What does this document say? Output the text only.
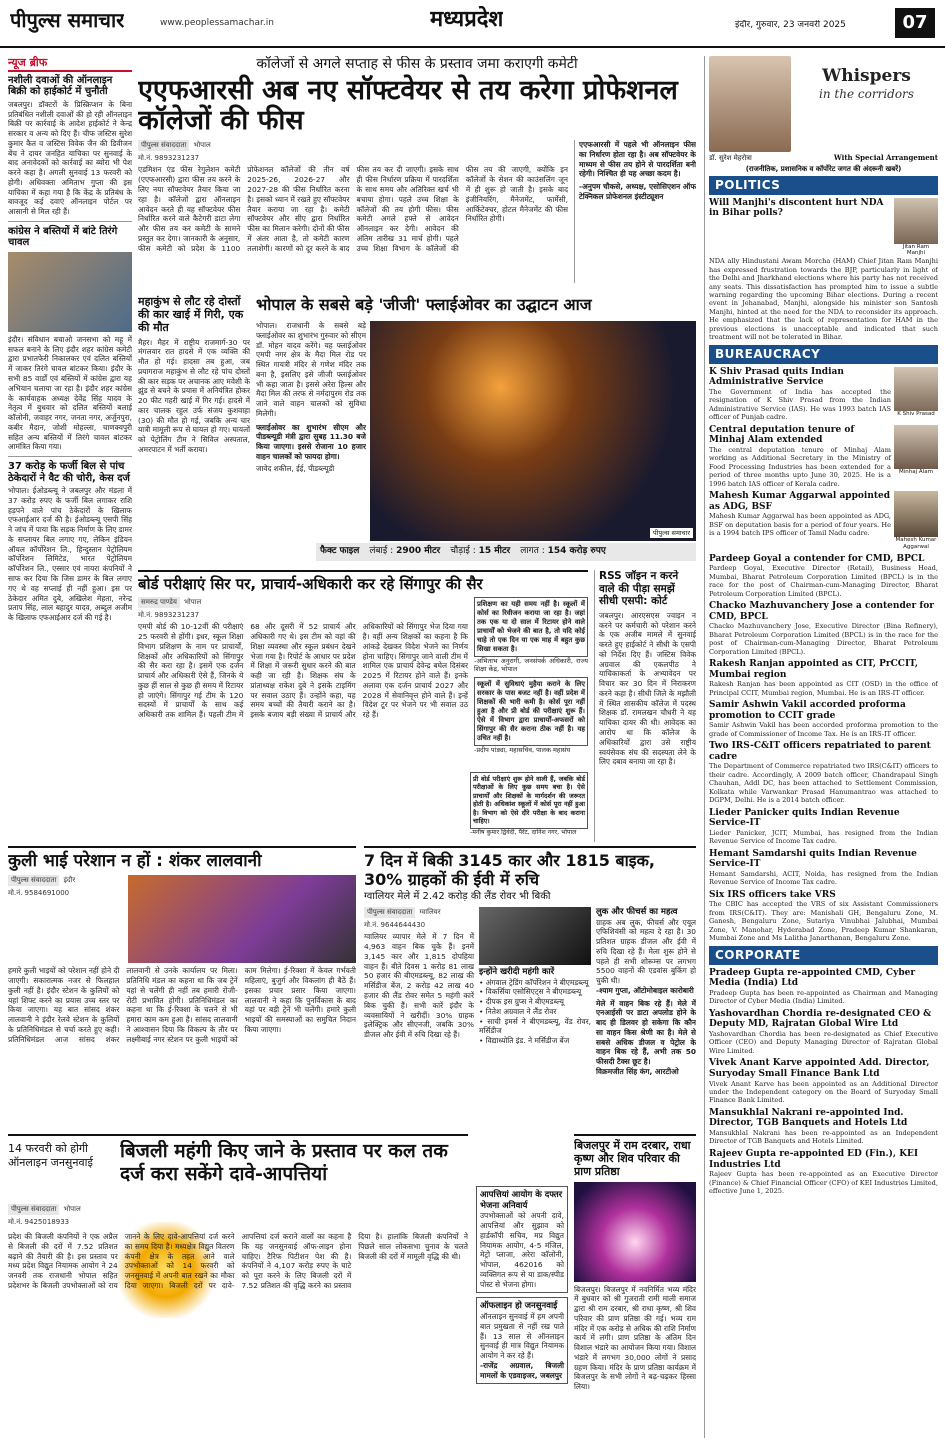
पीपुल्स समाचार	www.peoplessamachar.in	मध्यप्रदेश	इंदौर, गुरुवार, 23 जनवरी 2025	07
न्यूज ब्रीफ
नशीली दवाओं की ऑनलाइन बिक्री को हाईकोर्ट में चुनौती
जबलपुर। डॉक्टरों के प्रिस्क्रिप्शन के बिना प्रतिबंधित नशीली दवाओं की हो रही ऑनलाइन बिक्री पर कार्रवाई के आदेश हाईकोर्ट ने केन्द्र सरकार व अन्य को दिए हैं। चीफ जस्टिस सुरेश कुमार कैत व जस्टिस विवेक जैन की डिवीजन बेंच ने दायर जनहित याचिका पर सुनवाई के बाद अनावेदकों को कार्रवाई का ब्योरा भी पेश करने कहा है। अगली सुनवाई 13 फरवरी को होगी। अधिवक्ता अमिताभ गुप्ता की इस याचिका में कहा गया है कि केंद्र के प्रतिबंध के बावजूद कई दवाएं ऑनलाइन पोर्टल पर आसानी से मिल रही हैं।
कांग्रेस ने बस्तियों में बांटे तिरंगे चावल
इंदौर। संविधान बचाओ जनसभा को महू में सफल बनाने के लिए इंदौर शहर कांग्रेस कमेटी द्वारा प्रभातफेरी निकालकर एवं दलित बस्तियों में जाकर तिरंगे चावल बांटकर किया। इंदौर के सभी 85 वार्डों एवं बस्तियों में कांग्रेस द्वारा यह अभियान चलाया जा रहा है। इंदौर शहर कांग्रेस के कार्यवाहक अध्यक्ष देवेंद्र सिंह यादव के नेतृत्व में बुधवार को दलित बस्तियों बलाई कॉलोनी, जवाहर नगर, जनता नगर, अर्जुनपुरा, कबीर मैदान, जोशी मोहल्ला, चाणक्यपुरी सहित अन्य बस्तियों में तिरंगे चावल बांटकर आमंत्रित किया गया।
37 करोड़ के फर्जी बिल से पांच ठेकेदारों ने वैट की चोरी, केस दर्ज
भोपाल। ईओडब्ल्यू ने जबलपुर और मंडला में 37 करोड़ रुपए के फर्जी बिल लगाकर राशि हड़पने वाले पांच ठेकेदारों के खिलाफ एफआईआर दर्ज की है। ईओडब्ल्यू एसपी सिंह ने जांच में पाया कि सड़क निर्माण के लिए डामर के सप्लायर बिल लगाए गए, लेकिन इंडियन ऑयल कॉर्पोरेशन लि., हिन्दुस्तान पेट्रोलियम कॉर्पोरेशन लिमिटेड, भारत पेट्रोलियम कॉर्पोरेशन लि., एस्सार एवं नायरा कंपनियों ने साफ कर दिया कि जिस डामर के बिल लगाए गए थे वह सप्लाई ही नहीं हुआ। इस पर ठेकेदार अमित दुबे, अखिलेश मेहता, नरेन्द्र प्रताप सिंह, लाल बहादुर यादव, अब्दुल अजीम के खिलाफ एफआईआर दर्ज की गई है।
कॉलेजों से अगले सप्ताह से फीस के प्रस्ताव जमा कराएगी कमेटी
एएफआरसी अब नए सॉफ्टवेयर से तय करेगा प्रोफेशनल कॉलेजों की फीस
पीपुल्स संवाददाता	भोपाल
मो.नं. 9893231237
एडमिशन एंड फीस रेगुलेशन कमेटी (एएफआरसी) द्वारा फीस तय करने के लिए नया सॉफ्टवेयर तैयार किया जा रहा है। कॉलेजों द्वारा ऑनलाइन आवेदन करते ही यह सॉफ्टवेयर फीस निर्धारित करने वाले कैटेगरी डाटा लेगा और फीस तय कर कमेटी के सामने प्रस्तुत कर देगा। जानकारी के अनुसार, फीस कमेटी को प्रदेश के 1100 प्रोफेशनल कॉलेजों की तीन वर्ष 2025-26, 2026-27 और 2027-28 की फीस निर्धारित करना है। इसको ध्यान में रखते हुए सॉफ्टवेयर तैयार कराया जा रहा है। कमेटी सॉफ्टवेयर और सीए द्वारा निर्धारित फीस का मिलान करेगी। दोनों की फीस में अंतर आता है, तो कमेटी कारण तलाशेगी। कारणों को दूर करने के बाद फीस तय कर दी जाएगी। इसके साथ ही फीस निर्धारण प्रक्रिया में पारदर्शिता के साथ समय और अतिरिक्त खर्च भी बचाया होगा। पहले उच्च शिक्षा के कॉलेजों की तय होगी फीस। फीस कमेटी अगले हफ्ते से आवेदन ऑनलाइन कर देगी। आवेदन की अंतिम तारीख 31 मार्च होगी। पहले उच्च शिक्षा विभाग के कॉलेजों की फीस तय की जाएगी, क्योंकि इन कॉलेजों के सेशन की काउंसलिंग जून में ही शुरू हो जाती है। इसके बाद इंजीनियरिंग, मैनेजमेंट, फार्मेसी, आर्किटेक्चर, होटल मैनेजमेंट की फीस निर्धारित होगी।
एएफआरसी में पहले भी ऑनलाइन फीस का निर्धारण होता रहा है। अब सॉफ्टवेयर के माध्यम से फीस तय होने से पारदर्शिता बनी रहेगी। निश्चित ही यह अच्छा कदम है।
-अनुपम चौकसे, अध्यक्ष, एसोसिएशन ऑफ टेक्निकल प्रोफेशनल इंस्टीट्यूशन
महाकुंभ से लौट रहे दोस्तों की कार खाई में गिरी, एक की मौत
मैहर। मैहर में राष्ट्रीय राजमार्ग-30 पर मंगलवार रात हादसे में एक व्यक्ति की मौत हो गई। हादसा तब हुआ, जब प्रयागराज महाकुंभ से लौट रहे पांच दोस्तों की कार सड़क पर अचानक आए मवेशी के झुंड से बचने के प्रयास में अनियंत्रित होकर 20 फीट गहरी खाई में गिर गई। हादसे में कार चालक रहुल उर्फ संजय कुशवाहा (30) की मौत हो गई, जबकि अन्य चार यात्री मामूली रूप से घायल हो गए। घायलों को पेट्रोलिंग टीम ने सिविल अस्पताल, अमरपाटन में भर्ती कराया।
भोपाल के सबसे बड़े 'जीजी' फ्लाईओवर का उद्घाटन आज
भोपाल। राजधानी के सबसे बड़े फ्लाईओवर का शुभारंभ गुरुवार को सीएम डॉ. मोहन यादव करेंगे। यह फ्लाईओवर एमपी नगर क्षेत्र के मैदा मिल रोड पर स्थित गायत्री मंदिर से गणेश मंदिर तक बना है, इसलिए इसे जीजी फ्लाईओवर भी कहा जाता है। इससे अरेरा हिल्स और मैदा मिल की तरफ से नर्मदापुरम रोड तक जाने वाले वाहन चालकों को सुविधा मिलेगी।
फ्लाईओवर का शुभारंभ सीएम और पीडब्ल्यूडी मंत्री द्वारा सुबह 11.30 बजे किया जाएगा। इससे रोजाना 10 हजार वाहन चालकों को फायदा होगा।
जावेद शकील, ईई, पीडब्ल्यूडी
पीपुल्स समाचार
फैक्ट फाइल लंबाई : 2900 मीटर चौड़ाई : 15 मीटर लागत : 154 करोड़ रुपए
बोर्ड परीक्षाएं सिर पर, प्राचार्य-अधिकारी कर रहे सिंगापुर की सैर
समरुद्र पाण्डेय	भोपाल
मो.नं. 9893231237
एमपी बोर्ड की 10-12वीं की परीक्षाएं 25 फरवरी से होंगी। इधर, स्कूल शिक्षा विभाग प्रशिक्षण के नाम पर प्राचार्यों, शिक्षकों और अधिकारियों को सिंगापुर की सैर करा रहा है। इसमें एक दर्जन प्राचार्य और अधिकारी ऐसे हैं, जिनके ये कुछ हीं साल से कुछ ही समय में रिटायर हो जाएंगे। सिंगापुर गई टीम के 120 सदस्यों में प्राचार्यों के साथ कई अधिकारी तक शामिल हैं। पहली टीम में 68 और दूसरी में 52 प्राचार्य और अधिकारी गए थे। इस टीम को वहां की शिक्षा व्यवस्था और स्कूल प्रबंधन देखने भेजा गया है। रिपोर्ट के आधार पर प्रदेश में शिक्षा में जरूरी सुधार करने की बात कही जा रही है। शिक्षक संघ के प्रांताध्यक्ष राकेश दुबे ने इसके टाइमिंग पर सवाल उठाए हैं। उन्होंने कहा, यह समय बच्चों की तैयारी कराने का है। इसके बजाय बड़ी संख्या में प्राचार्य और अधिकारियों को सिंगापुर भेज दिया गया है। वहीं अन्य शिक्षकों का कहना है कि आंकड़े देखकर विदेश भेजने का निर्णय होना चाहिए। सिंगापुर जाने वाली टीम में शामिल एक प्राचार्य देवेन्द्र बघेल दिसंबर 2025 में रिटायर होने वाले हैं। इनके अलावा एक दर्जन प्राचार्य 2027 और 2028 में सेवानिवृत्त होने वाले हैं। इन्हें विदेश टूर पर भेजने पर भी सवाल उठ रहे हैं।
प्रशिक्षण का यही समय नहीं है। स्कूलों में कोर्स का रिवीजन कराया जा रहा है। जहां तक एक या दो साल में रिटायर होने वाले प्राचार्यों को भेजने की बात है, तो यदि कोई चाहे तो एक दिन या एक माह में बहुत कुछ सिखा सकता है।
-अभिताभ अनुरागी, जनसंपर्क अधिकारी, राज्य शिक्षा केंद्र, भोपाल
स्कूलों में सुविधाएं मुहैया कराने के लिए सरकार के पास बजट नहीं है। वहीं प्रदेश में शिक्षकों की भारी कमी है। कोर्स पूरा नहीं हुआ है और प्री बोर्ड की परीक्षाएं शुरू हैं। ऐसे में विभाग द्वारा प्राचार्यों-अफसरों को सिंगापुर की सैर कराना ठीक नहीं है। यह उचित नहीं है।
-प्रदीप पांड्या, महासचिव, पालक महासंघ
RSS जॉइन न करने वाले की पीड़ा समझें सीधी एसपी: कोर्ट
जबलपुर। आरएसएस ज्वाइन न करने पर कर्मचारी को परेशान करने के एक अजीब मामले में सुनवाई करते हुए हाईकोर्ट ने सीधी के एसपी को निर्देश दिए हैं। जस्टिस विवेक अग्रवाल की एकलपीठ ने याचिकाकर्ता के अभ्यावेदन पर विचार कर 30 दिन में निराकरण करने कहा है। सीधी जिले के मझौली में स्थित शासकीय कॉलेज में पदस्थ शिक्षक डॉ. रामलखन चौधरी ने यह याचिका दायर की थी। आवेदक का आरोप था कि कॉलेज के अधिकारियों द्वारा उसे राष्ट्रीय स्वयंसेवक संघ की सदस्यता लेने के लिए दबाव बनाया जा रहा है।
कुली भाई परेशान न हों : शंकर लालवानी
पीपुल्स संवाददाता	इंदौर
मो.नं. 9584691000
हमारे कुली भाइयों को परेशान नहीं होने दी जाएगी। सकारात्मक नजर से फिलहाल कुली नहीं है। इंदौर स्टेशन के कुलियों को यहां शिफ्ट करने का प्रयास उच्च स्तर पर किया जाएगा। यह बात सांसद शंकर लालवानी ने इंदौर रेलवे स्टेशन के कुलियों के प्रतिनिधिमंडल से चर्चा करते हुए कही। प्रतिनिधिमंडल आज सांसद शंकर लालवानी से उनके कार्यालय पर मिला। प्रतिनिधि मंडल का कहना था कि जब ट्रेनें यहां से चलेंगी ही नहीं तब हमारी रोजी-रोटी प्रभावित होगी। प्रतिनिधिमंडल का कहना था कि ई-रिक्शा के चलने से भी हमारा काम कम हुआ है। सांसद लालवानी ने आश्वासन दिया कि विकल्प के तौर पर लक्ष्मीबाई नगर स्टेशन पर कुली भाइयों को काम मिलेगा। ई-रिक्शा में केवल गर्भवती महिलाएं, बुजुर्ग और विकलांग ही बैठें हैं। इसका प्रचार प्रसार किया जाएगा। लालवानी ने कहा कि पुनर्विकास के बाद यहां पर बड़ी ट्रेनें भी चलेंगी। हमारे कुली भाइयों की समस्याओं का समुचित निदान किया जाएगा।
7 दिन में बिकी 3145 कार और 1815 बाइक, 30% ग्राहकों की ईवी में रुचि
ग्वालियर मेले में 2.42 करोड़ की लैंड रोवर भी बिकी
पीपुल्स संवाददाता	ग्वालियर
मो.नं. 9644644430
ग्वालियर व्यापार मेले में 7 दिन में 4,963 वाहन बिक चुके हैं। इनमें 3,145 कार और 1,815 दोपहिया वाहन हैं। बीते दिवस 1 करोड़ 81 लाख 50 हजार की बीएमडब्ल्यू, 82 लाख की मर्सिडीज बेंज, 2 करोड़ 42 लाख 40 हजार की लैंड रोवर समेत 5 महंगी कारें बिक चुकी हैं। सभी कारें इंदौर के व्यवसायियों ने खरीदीं। 30% ग्राहक इलेक्ट्रिक और सीएनजी, जबकि 30% डीजल और ईवी में रुचि दिखा रहे हैं।
इन्होंने खरीदी महंगी कारें
• अंगवाल ट्रेडिंग कॉर्पोरेशन ने बीएमडब्ल्यू
• विकर्सिया एसोसिएट्स ने बीएमडब्ल्यू
• दीपक इस ग्रुप्स ने बीएमडब्ल्यू
• नितेश अग्रवाल ने लैंड रोवर
• साची इमर्स ने बीएमडब्ल्यू, वेंड रोवर, मर्सिडीज
• विद्याध्योति इंड. ने मर्सिडीज बेंज
लुक और फीचर्स का महत्व
ग्राहक अब लुक, फीचर्स और एयूल एफिशियंसी को महत्व दे रहा है। 30 प्रतिशत ग्राहक डीजल और ईवी में रुचि दिखा रहे हैं। मेला शुरू होने से पहले ही सभी शोरूम्स पर लगभग 5500 वाहनों की एडवांस बुकिंग हो चुकी थी।
-श्याम गुप्ता, ऑटोमोबाइल कारोबारी
मेले में वाहन बिक रहे हैं। मेले में एनआईसी पर डाटा अपलोड होने के बाद ही डिलवर हो सकेगा कि कौन सा वाहन किस श्रेणी का है। मेले से सबसे अधिक डीजल व पेट्रोल के वाहन बिक रहे हैं, अभी तक 50 फीसदी टैक्स छूट है।
विक्रमजीत सिंह कंग, आरटीओ
14 फरवरी को होगी ऑनलाइन जनसुनवाई
बिजली महंगी किए जाने के प्रस्ताव पर कल तक दर्ज करा सकेंगे दावे-आपत्तियां
पीपुल्स संवाददाता	भोपाल
मो.नं. 9425018933
प्रदेश की बिजली कंपनियों ने एक अप्रैल से बिजली की दरों में 7.52 प्रतिशत बढ़ाने की तैयारी की है। इस प्रस्ताव पर मध्य प्रदेश विद्युत नियामक आयोग ने 24 जनवरी तक राजधानी भोपाल सहित प्रदेशभर के बिजली उपभोक्ताओं को राय जानने के लिए दावे-आपत्तियां दर्ज करने का समय दिया है। मध्यक्षेत्र विद्युत वितरण कंपनी क्षेत्र के तहत आने वाले उपभोक्ताओं को 14 फरवरी को जनसुनवाई में अपनी बात रखने का मौका दिया जाएगा। बिजली दरों पर दावे-आपत्तियां दर्ज कराने वालों का कहना है कि यह जनसुनवाई ऑफ-लाइन होना चाहिए। टैरिफ पिटीशन पेश की है। कंपनियों ने 4,107 करोड़ रुपए के घाटे को पूरा करने के लिए बिजली दरों में 7.52 प्रतिशत की वृद्धि करने का प्रस्ताव दिया है। हालांकि बिजली कंपनियों ने पिछले साल लोकसभा चुनाव के चलते बिजली की दरों में मामूली वृद्धि की थी।
आपत्तियां आयोग के दफ्तर भेजना अनिवार्य
उपभोक्ताओं को अपनी दावे, आपत्तियां और सुझाव को हार्डकॉपी सचिव, मप्र विद्युत नियामक आयोग, 4-5 मंजिल, मेट्रो प्लाजा, अरेरा कॉलोनी, भोपाल, 462016 को व्यक्तिगत रूप से या डाक/स्पीड पोस्ट से भेजना होगा।
ऑफलाइन हो जनसुनवाई
ऑनलाइन सुनवाई में हम अपनी बात प्रमुखता से नहीं रख पाते हैं। 13 साल से ऑनलाइन सुनवाई ही मात्र विद्युत नियामक आयोग ने कर रहे हैं।
-राजेंद्र अग्रवाल, बिजली मामलों के एडवाइजर, जबलपुर
बिजलपुर में राम दरबार, राधा कृष्ण और शिव परिवार की प्राण प्रतिष्ठा
बिजलपुर। बिजलपुर में नवनिर्मित भव्य मंदिर में बुधवार को श्री गुजराती रामी माली समाज द्वारा श्री राम दरबार, श्री राधा कृष्ण, श्री शिव परिवार की प्राण प्रतिष्ठा की गई। भव्य राम मंदिर में एक करोड़ से अधिक की राशि निर्माण कार्य में लगी। प्राण प्रतिष्ठा के अंतिम दिन विशाल भंडारे का आयोजन किया गया। विशाल भंडारे में लगभग 30,000 लोगों ने प्रसाद ग्रहण किया। मंदिर के प्राण प्रतिष्ठा कार्यक्रम में बिजलपुर के सभी लोगों ने बढ़-चढ़कर हिस्सा लिया।
Whispers
in the corridors
डॉ. सुरेश मेहरोत्रा	With Special Arrangement
(राजनीतिक, प्रशासनिक व कॉर्पोरेट जगत की अंदरूनी खबरें)
POLITICS
Will Manjhi's discontent hurt NDA in Bihar polls?
Jitan Ram Manjhi
NDA ally Hindustani Awam Morcha (HAM) Chief Jitan Ram Manjhi has expressed frustration towards the BJP, particularly in light of the Delhi and Jharkhand elections where his party has not received any seats. This dissatisfaction has prompted him to issue a subtle warning regarding the upcoming Bihar elections. During a recent event in Jehanabad, Manjhi, alongside his minister son Santosh Manjhi, hinted at the need for the NDA to reconsider its approach. He emphasized that the lack of representation for HAM in the previous elections is unacceptable and indicated that such treatment will not be tolerated in Bihar.
BUREAUCRACY
K Shiv Prasad quits Indian Administrative Service
The Government of India has accepted the resignation of K Shiv Prasad from the Indian Administrative Service (IAS). He was 1993 batch IAS officer of Punjab cadre.	K Shiv Prasad
Central deputation tenure of Minhaj Alam extended
The central deputation tenure of Minhaj Alam working as Additional Secretary in the Ministry of Food Processing Industries has been extended for a period of three months upto June 30, 2025. He is a 1996 batch IAS officer of Kerala cadre.
Minhaj Alam
Mahesh Kumar Aggarwal appointed as ADG, BSF
Mahesh Kumar Aggarwal has been appointed as ADG, BSF on deputation basis for a period of four years. He is a 1994 batch IPS officer of Tamil Nadu cadre.
Mahesh Kumar Aggarwal
Pardeep Goyal a contender for CMD, BPCL
Pardeep Goyal, Executive Director (Retail), Business Head, Mumbai, Bharat Petroleum Corporation Limited (BPCL) is in the race for the post of Chairman-cum-Managing Director, Bharat Petroleum Corporation Limited (BPCL).
Chacko Mazhuvanchery Jose a contender for CMD, BPCL
Chacko Mazhuvanchery Jose, Executive Director (Bina Refinery), Bharat Petroleum Corporation Limited (BPCL) is in the race for the post of Chairman-cum-Managing Director, Bharat Petroleum Corporation Limited (BPCL).
Rakesh Ranjan appointed as CIT, PrCCIT, Mumbai region
Rakesh Ranjan has been appointed as CIT (OSD) in the office of Principal CCIT, Mumbai region, Mumbai. He is an IRS-IT officer.
Samir Ashwin Vakil accorded proforma promotion to CCIT grade
Samir Ashwin Vakil has been accorded proforma promotion to the grade of Commissioner of Income Tax. He is an IRS-IT officer.
Two IRS-C&IT officers repatriated to parent cadre
The Department of Commerce repatriated two IRS(C&IT) officers to their cadre. Accordingly, A 2009 batch officer, Chandrapaul Singh Chauhan, Addl DC, has been attached to Settlement Commission, Kolkata while Varwankar Prasad Hanumantrao was attached to DGPM, Delhi. He is a 2014 batch officer.
Lieder Panicker quits Indian Revenue Service-IT
Lieder Panicker, JCIT, Mumbai, has resigned from the Indian Revenue Service of Income Tax cadre.
Hemant Samdarshi quits Indian Revenue Service-IT
Hemant Samdarshi, ACIT, Noida, has resigned from the Indian Revenue Service of Income Tax cadre.
Six IRS officers take VRS
The CBIC has accepted the VRS of six Assistant Commissioners from IRS(C&IT). They are: Manishali GH, Bengaluru Zone, M. Ganesh, Bengaluru Zone, Sutariya Vinubhai Jalubhai, Mumbai Zone, V. Manohar, Hyderabad Zone, Pradeep Kumar Shankaran, Mumbai Zone and Ms Lalitha Janarthanan, Bengaluru Zone.
CORPORATE
Pradeep Gupta re-appointed CMD, Cyber Media (India) Ltd
Pradeep Gupta has been re-appointed as Chairman and Managing Director of Cyber Media (India) Limited.
Yashovardhan Chordia re-designated CEO & Deputy MD, Rajratan Global Wire Ltd
Yashovardhan Chordia has been re-designated as Chief Executive Officer (CEO) and Deputy Managing Director of Rajratan Global Wire Limited.
Vivek Anant Karve appointed Add. Director, Suryoday Small Finance Bank Ltd
Vivek Anant Karve has been appointed as an Additional Director under the Independent category on the Board of Suryoday Small Finance Bank Limited.
Mansukhlal Nakrani re-appointed Ind. Director, TGB Banquets and Hotels Ltd
Mansukhlal Nakrani has been re-appointed as an Independent Director of TGB Banquets and Hotels Limited.
Rajeev Gupta re-appointed ED (Fin.), KEI Industries Ltd
Rajeev Gupta has been re-appointed as an Executive Director (Finance) & Chief Financial Officer (CFO) of KEI Industries Limited, effective June 1, 2025.
प्री बोर्ड परीक्षाएं शुरू होने वाली हैं, जबकि बोर्ड परीक्षाओं के लिए कुछ समय बचा है। ऐसे प्राचार्यों और शिक्षकों के मार्गदर्शन की जरूरत होती है। अधिकांश स्कूलों में कोर्स पूरा नहीं हुआ है। विभाग को ऐसे दौरे परीक्षा के बाद कराना चाहिए।
-मनीष कुमार द्विवेदी, पैरेंट, दानिश नगर, भोपाल
